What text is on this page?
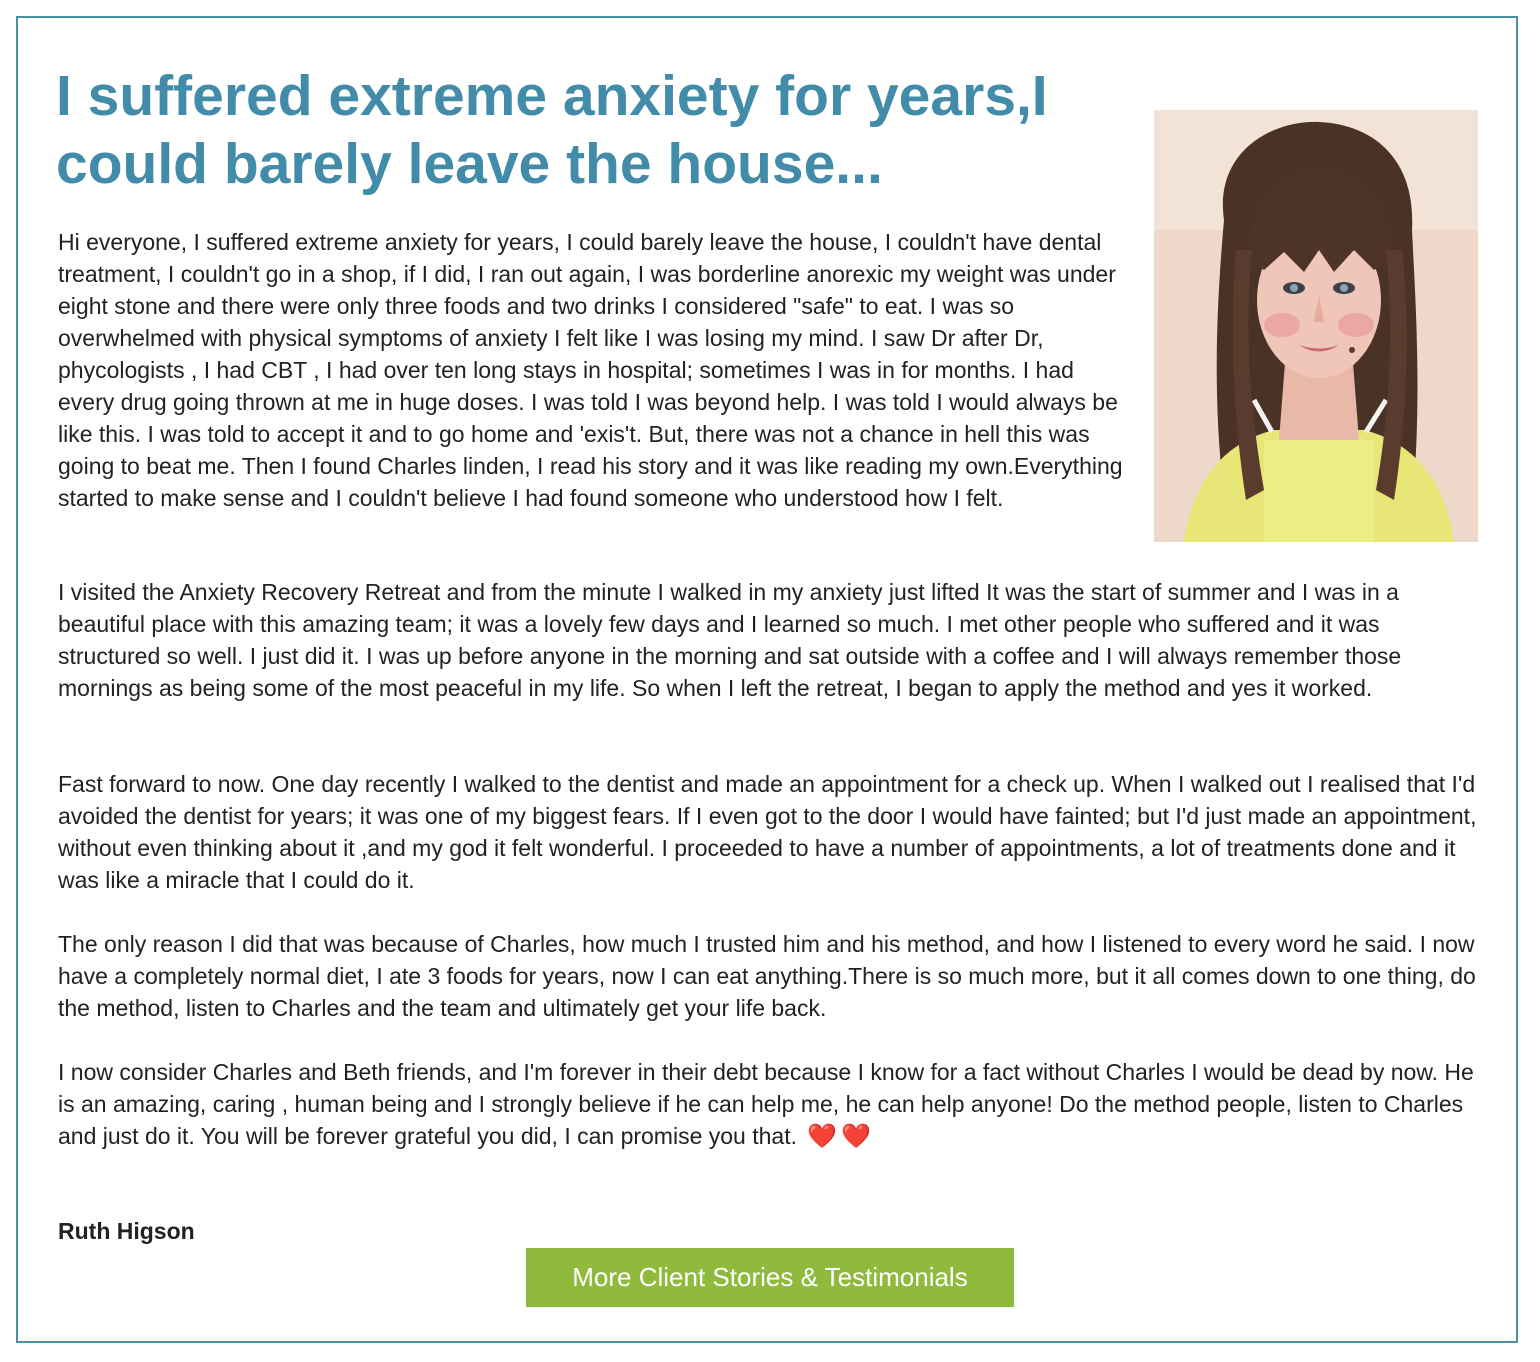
I suffered extreme anxiety for years,I could barely leave the house...

Hi everyone, I suffered extreme anxiety for years, I could barely leave the house, I couldn't have dental treatment, I couldn't go in a shop, if I did, I ran out again, I was borderline anorexic my weight was under eight stone and there were only three foods and two drinks I considered "safe" to eat. I was so overwhelmed with physical symptoms of anxiety I felt like I was losing my mind. I saw Dr after Dr, phycologists , I had CBT , I had over ten long stays in hospital; sometimes I was in for months. I had every drug going thrown at me in huge doses. I was told I was beyond help. I was told I would always be like this. I was told to accept it and to go home and 'exis't. But, there was not a chance in hell this was going to beat me. Then I found Charles linden, I read his story and it was like reading my own.Everything started to make sense and I couldn't believe I had found someone who understood how I felt.

I visited the Anxiety Recovery Retreat and from the minute I walked in my anxiety just lifted It was the start of summer and I was in a beautiful place with this amazing team; it was a lovely few days and I learned so much. I met other people who suffered and it was structured so well. I just did it. I was up before anyone in the morning and sat outside with a coffee and I will always remember those mornings as being some of the most peaceful in my life. So when I left the retreat, I began to apply the method and yes it worked.

Fast forward to now. One day recently I walked to the dentist and made an appointment for a check up. When I walked out I realised that I'd avoided the dentist for years; it was one of my biggest fears. If I even got to the door I would have fainted; but I'd just made an appointment, without even thinking about it ,and my god it felt wonderful. I proceeded to have a number of appointments, a lot of treatments done and it was like a miracle that I could do it.

The only reason I did that was because of Charles, how much I trusted him and his method, and how I listened to every word he said. I now have a completely normal diet, I ate 3 foods for years, now I can eat anything.There is so much more, but it all comes down to one thing, do the method, listen to Charles and the team and ultimately get your life back.

I now consider Charles and Beth friends, and I'm forever in their debt because I know for a fact without Charles I would be dead by now. He is an amazing, caring , human being and I strongly believe if he can help me, he can help anyone! Do the method people, listen to Charles and just do it. You will be forever grateful you did, I can promise you that. ❤️ ❤️

Ruth Higson

More Client Stories & Testimonials
